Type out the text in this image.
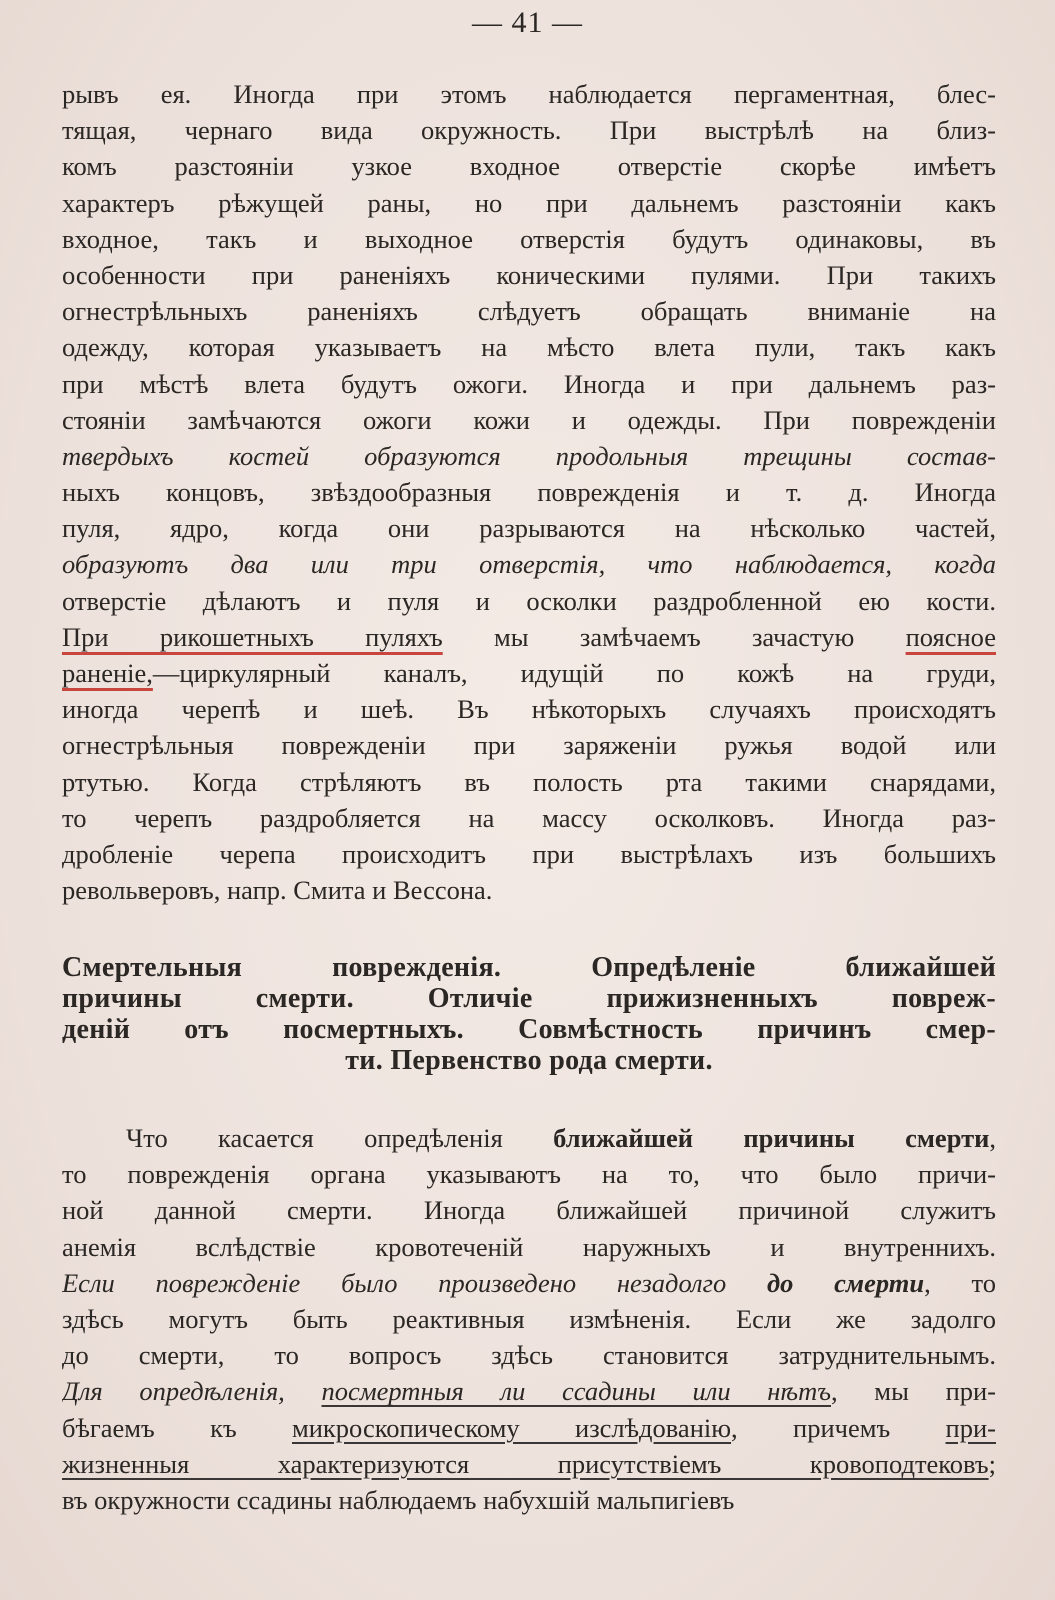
— 41 —
рывъ ея. Иногда при этомъ наблюдается пергаментная, блес-
тящая, чернаго вида окружность. При выстрѣлѣ на близ-
комъ разстояніи узкое входное отверстіе скорѣе имѣетъ
характеръ рѣжущей раны, но при дальнемъ разстояніи какъ
входное, такъ и выходное отверстія будутъ одинаковы, въ
особенности при раненіяхъ коническими пулями. При такихъ
огнестрѣльныхъ раненіяхъ слѣдуетъ обращать вниманіе на
одежду, которая указываетъ на мѣсто влета пули, такъ какъ
при мѣстѣ влета будутъ ожоги. Иногда и при дальнемъ раз-
стояніи замѣчаются ожоги кожи и одежды. При поврежденіи
твердыхъ костей образуются продольныя трещины состав-
ныхъ концовъ, звѣздообразныя поврежденія и т. д. Иногда
пуля, ядро, когда они разрываются на нѣсколько частей,
образуютъ два или три отверстія, что наблюдается, когда
отверстіе дѣлаютъ и пуля и осколки раздробленной ею кости.
При рикошетныхъ пуляхъ мы замѣчаемъ зачастую поясное
раненіе,—циркулярный каналъ, идущій по кожѣ на груди,
иногда черепѣ и шеѣ. Въ нѣкоторыхъ случаяхъ происходятъ
огнестрѣльныя поврежденіи при заряженіи ружья водой или
ртутью. Когда стрѣляютъ въ полость рта такими снарядами,
то черепъ раздробляется на массу осколковъ. Иногда раз-
дробленіе черепа происходитъ при выстрѣлахъ изъ большихъ
револьверовъ, напр. Смита и Вессона.
Смертельныя поврежденія. Опредѣленіе ближайшей
причины смерти. Отличіе прижизненныхъ повреж-
деній отъ посмертныхъ. Совмѣстность причинъ смер-
ти. Первенство рода смерти.
Что касается опредѣленія ближайшей причины смерти,
то поврежденія органа указываютъ на то, что было причи-
ной данной смерти. Иногда ближайшей причиной служитъ
анемія вслѣдствіе кровотеченій наружныхъ и внутреннихъ.
Если поврежденіе было произведено незадолго до смерти, то
здѣсь могутъ быть реактивныя измѣненія. Если же задолго
до смерти, то вопросъ здѣсь становится затруднительнымъ.
Для опредѣленія, посмертныя ли ссадины или нѣтъ, мы при-
бѣгаемъ къ микроскопическому изслѣдованію, причемъ при-
жизненныя характеризуются присутствіемъ кровоподтековъ;
въ окружности ссадины наблюдаемъ набухшій мальпигіевъ
